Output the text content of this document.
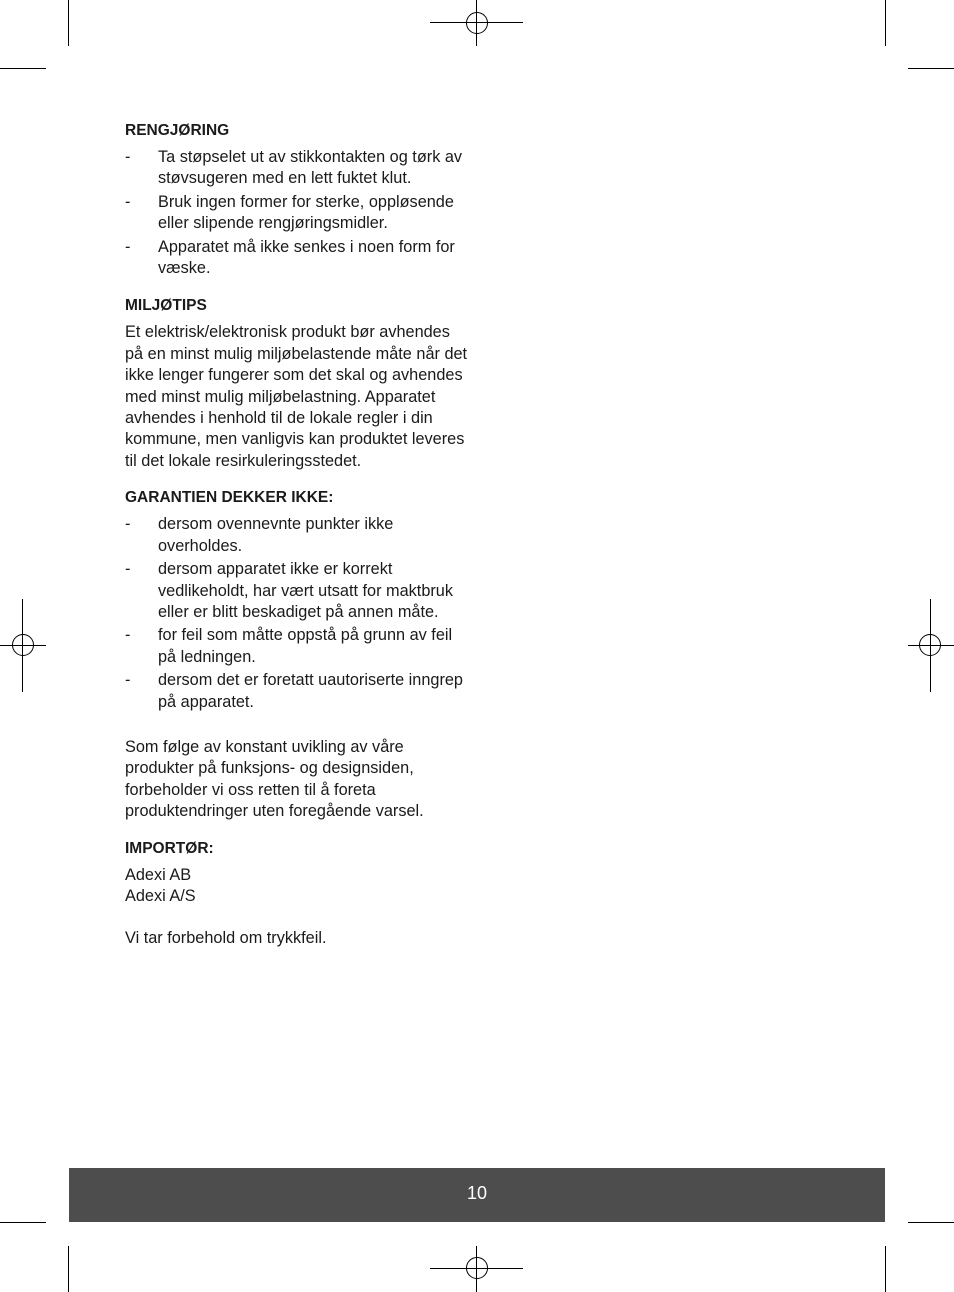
RENGJØRING
- Ta støpselet ut av stikkontakten og tørk av støvsugeren med en lett fuktet klut.
- Bruk ingen former for sterke, oppløsende eller slipende rengjøringsmidler.
- Apparatet må ikke senkes i noen form for væske.
MILJØTIPS

Et elektrisk/elektronisk produkt bør avhendes på en minst mulig miljøbelastende måte når det ikke lenger fungerer som det skal og avhendes med minst mulig miljøbelastning. Apparatet avhendes i henhold til de lokale regler i din kommune, men vanligvis kan produktet leveres til det lokale resirkuleringsstedet.

GARANTIEN DEKKER IKKE:
- dersom ovennevnte punkter ikke overholdes.
- dersom apparatet ikke er korrekt vedlikeholdt, har vært utsatt for maktbruk eller er blitt beskadiget på annen måte.
- for feil som måtte oppstå på grunn av feil på ledningen.
- dersom det er foretatt uautoriserte inngrep på apparatet.

Som følge av konstant uvikling av våre produkter på funksjons- og designsiden, forbeholder vi oss retten til å foreta produktendringer uten foregående varsel.

IMPORTØR:

Adexi AB

Adexi A/S

Vi tar forbehold om trykkfeil.

10
